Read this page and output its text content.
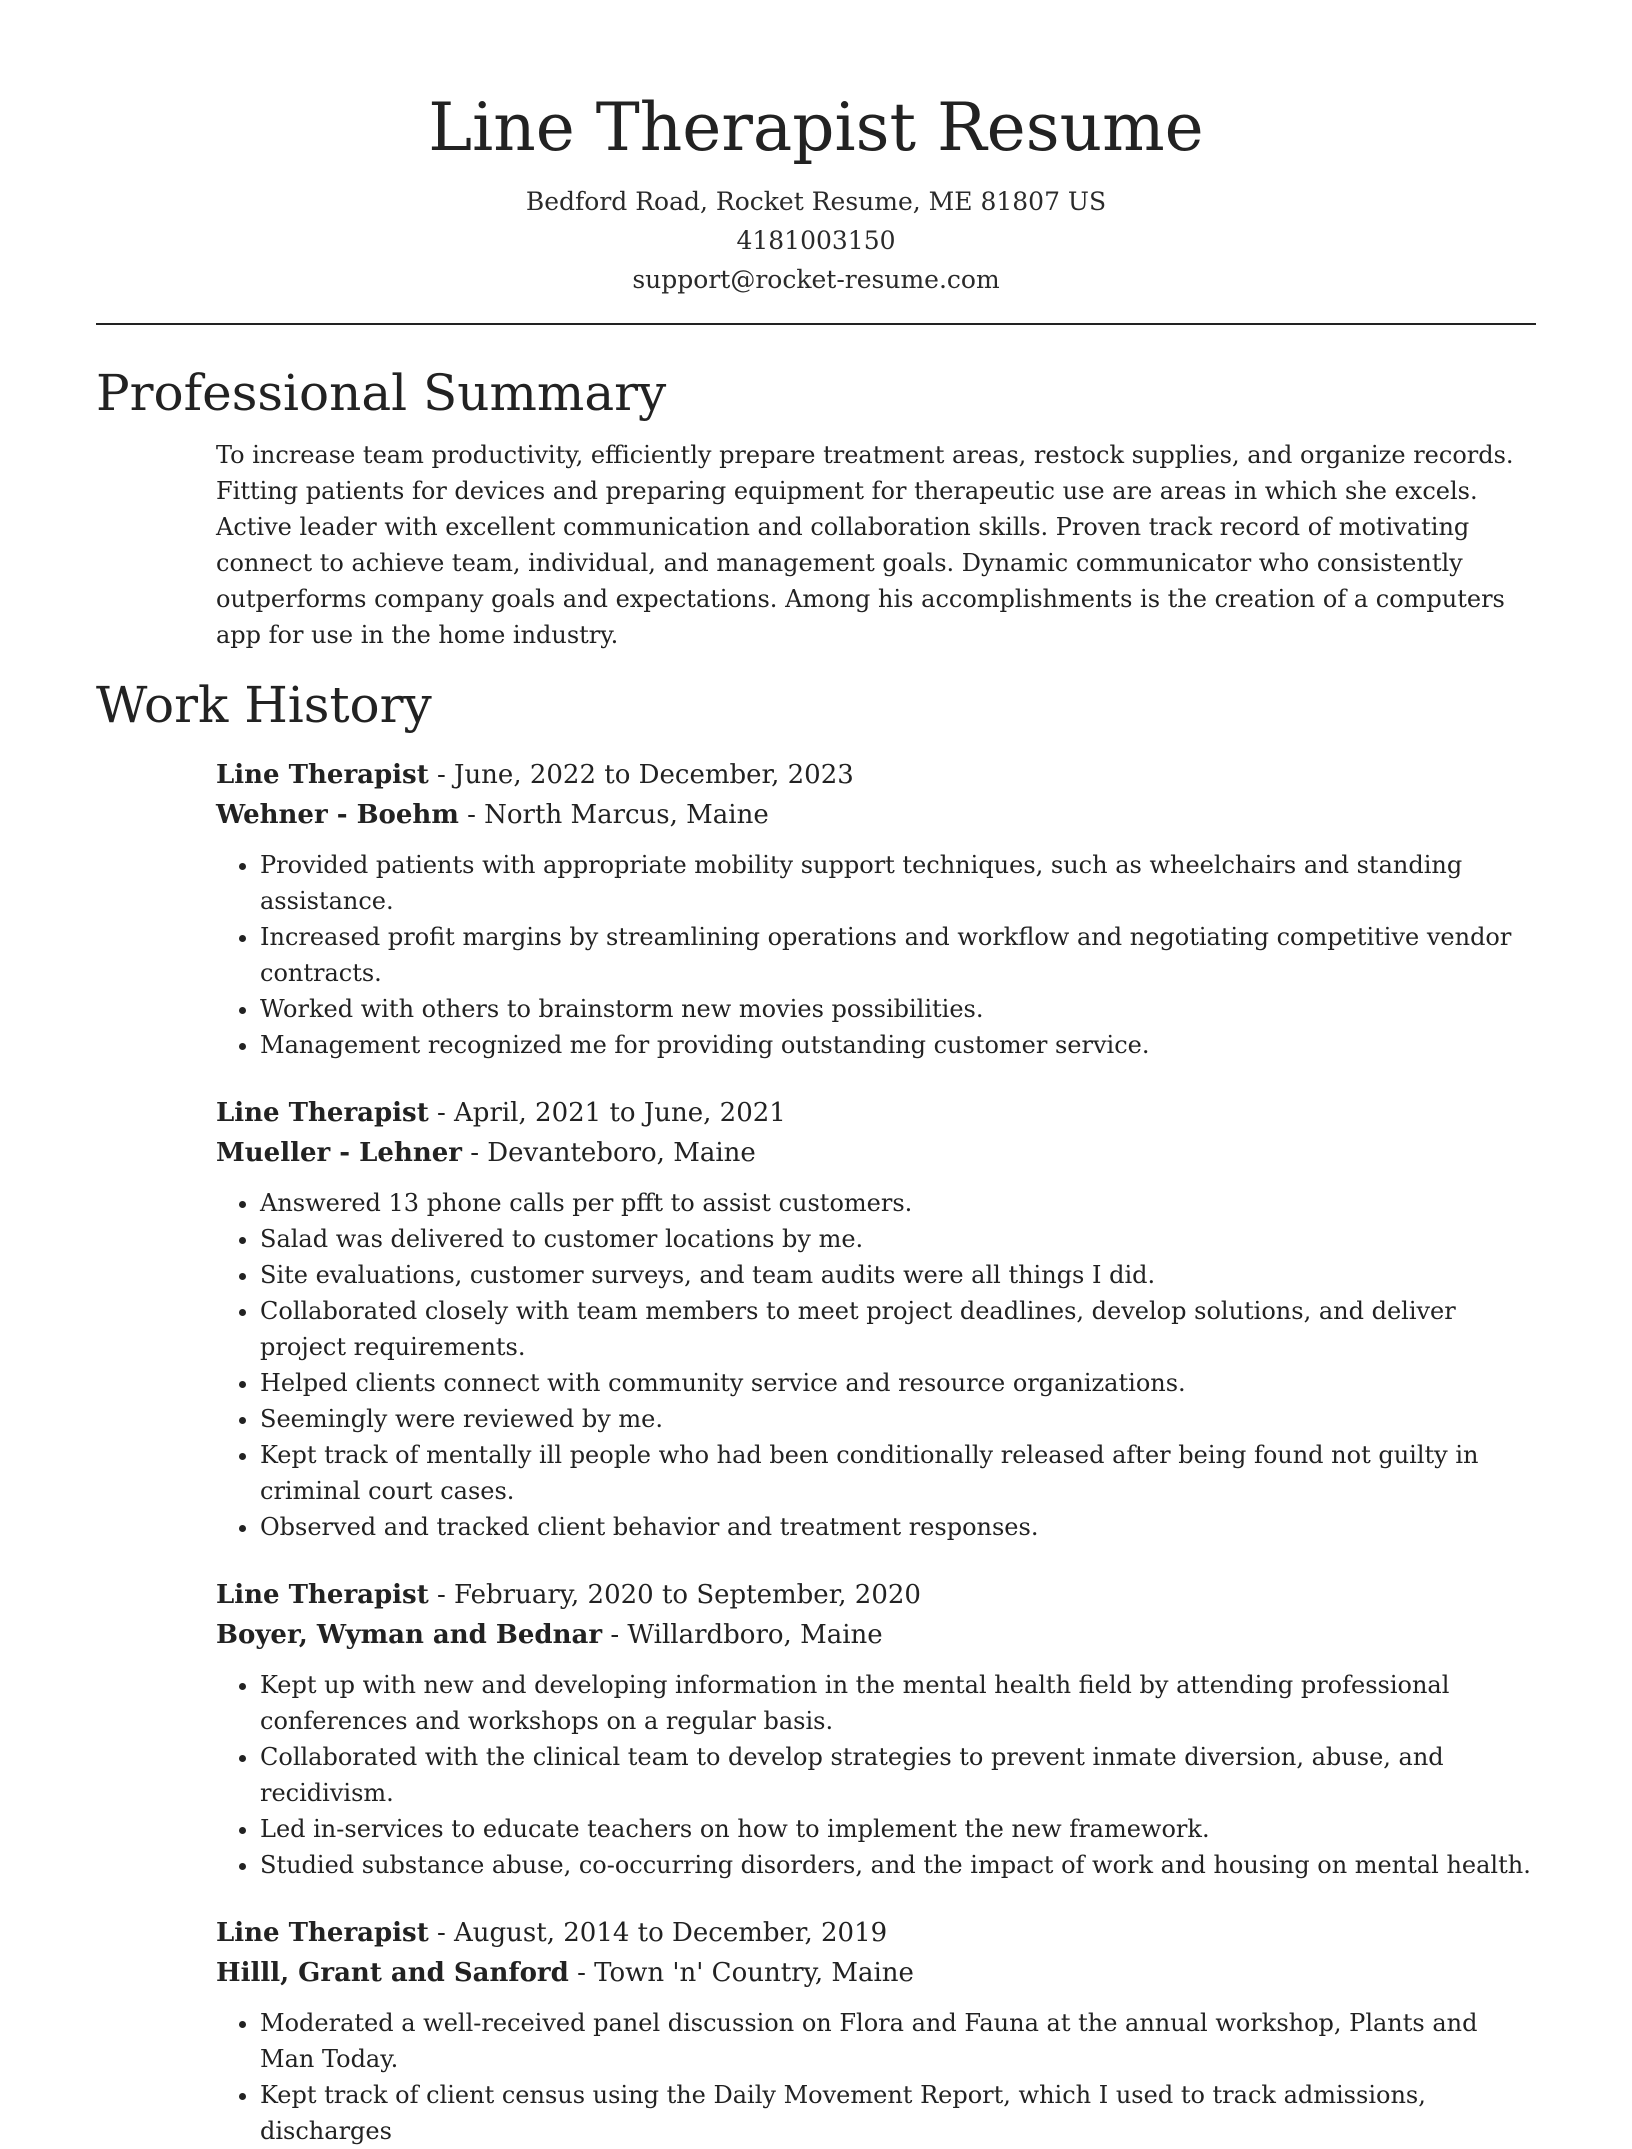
Line Therapist Resume
Bedford Road, Rocket Resume, ME 81807 US
4181003150
support@rocket-resume.com
Professional Summary

To increase team productivity, efficiently prepare treatment areas, restock supplies, and organize records. Fitting patients for devices and preparing equipment for therapeutic use are areas in which she excels. Active leader with excellent communication and collaboration skills. Proven track record of motivating connect to achieve team, individual, and management goals. Dynamic communicator who consistently outperforms company goals and expectations. Among his accomplishments is the creation of a computers app for use in the home industry.

Work History
Line Therapist - June, 2022 to December, 2023
Wehner - Boehm - North Marcus, Maine
• Provided patients with appropriate mobility support techniques, such as wheelchairs and standing assistance.
• Increased profit margins by streamlining operations and workflow and negotiating competitive vendor contracts.
• Worked with others to brainstorm new movies possibilities.
• Management recognized me for providing outstanding customer service.
Line Therapist - April, 2021 to June, 2021
Mueller - Lehner - Devanteboro, Maine
• Answered 13 phone calls per pfft to assist customers.
• Salad was delivered to customer locations by me.
• Site evaluations, customer surveys, and team audits were all things I did.
• Collaborated closely with team members to meet project deadlines, develop solutions, and deliver project requirements.
• Helped clients connect with community service and resource organizations.
• Seemingly were reviewed by me.
• Kept track of mentally ill people who had been conditionally released after being found not guilty in criminal court cases.
• Observed and tracked client behavior and treatment responses.
Line Therapist - February, 2020 to September, 2020
Boyer, Wyman and Bednar - Willardboro, Maine
• Kept up with new and developing information in the mental health field by attending professional conferences and workshops on a regular basis.
• Collaborated with the clinical team to develop strategies to prevent inmate diversion, abuse, and recidivism.
• Led in-services to educate teachers on how to implement the new framework.
• Studied substance abuse, co-occurring disorders, and the impact of work and housing on mental health.
Line Therapist - August, 2014 to December, 2019
Hilll, Grant and Sanford - Town 'n' Country, Maine
• Moderated a well-received panel discussion on Flora and Fauna at the annual workshop, Plants and Man Today.
• Kept track of client census using the Daily Movement Report, which I used to track admissions, discharges
